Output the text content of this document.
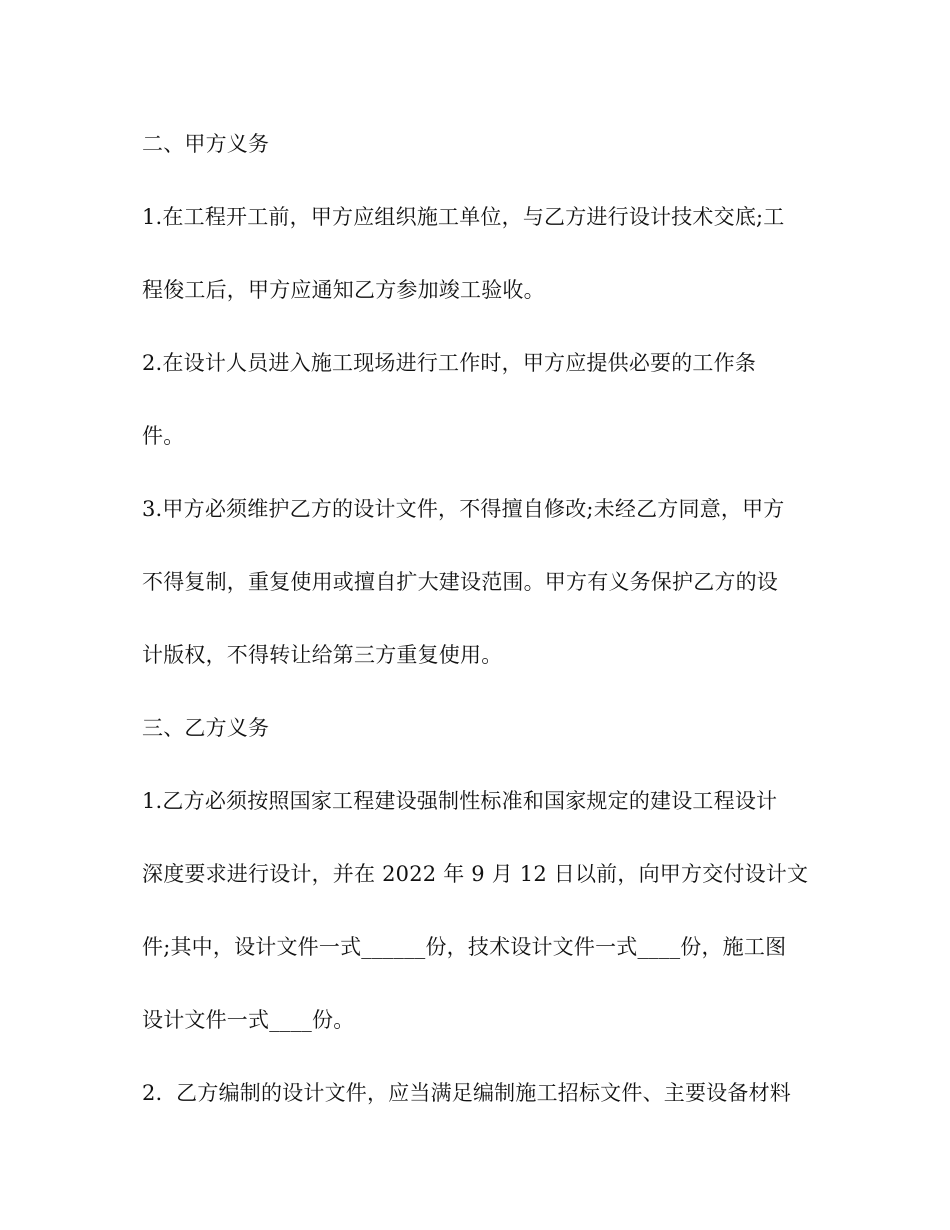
二、甲方义务
1.在工程开工前，甲方应组织施工单位，与乙方进行设计技术交底;工
程俊工后，甲方应通知乙方参加竣工验收。
2.在设计人员进入施工现场进行工作时，甲方应提供必要的工作条
件。
3.甲方必须维护乙方的设计文件，不得擅自修改;未经乙方同意，甲方
不得复制，重复使用或擅自扩大建设范围。甲方有义务保护乙方的设
计版权，不得转让给第三方重复使用。
三、乙方义务
1.乙方必须按照国家工程建设强制性标准和国家规定的建设工程设计
深度要求进行设计，并在 2022 年 9 月 12 日以前，向甲方交付设计文
件;其中，设计文件一式______份，技术设计文件一式____份，施工图
设计文件一式____份。
2.  乙方编制的设计文件，应当满足编制施工招标文件、主要设备材料
